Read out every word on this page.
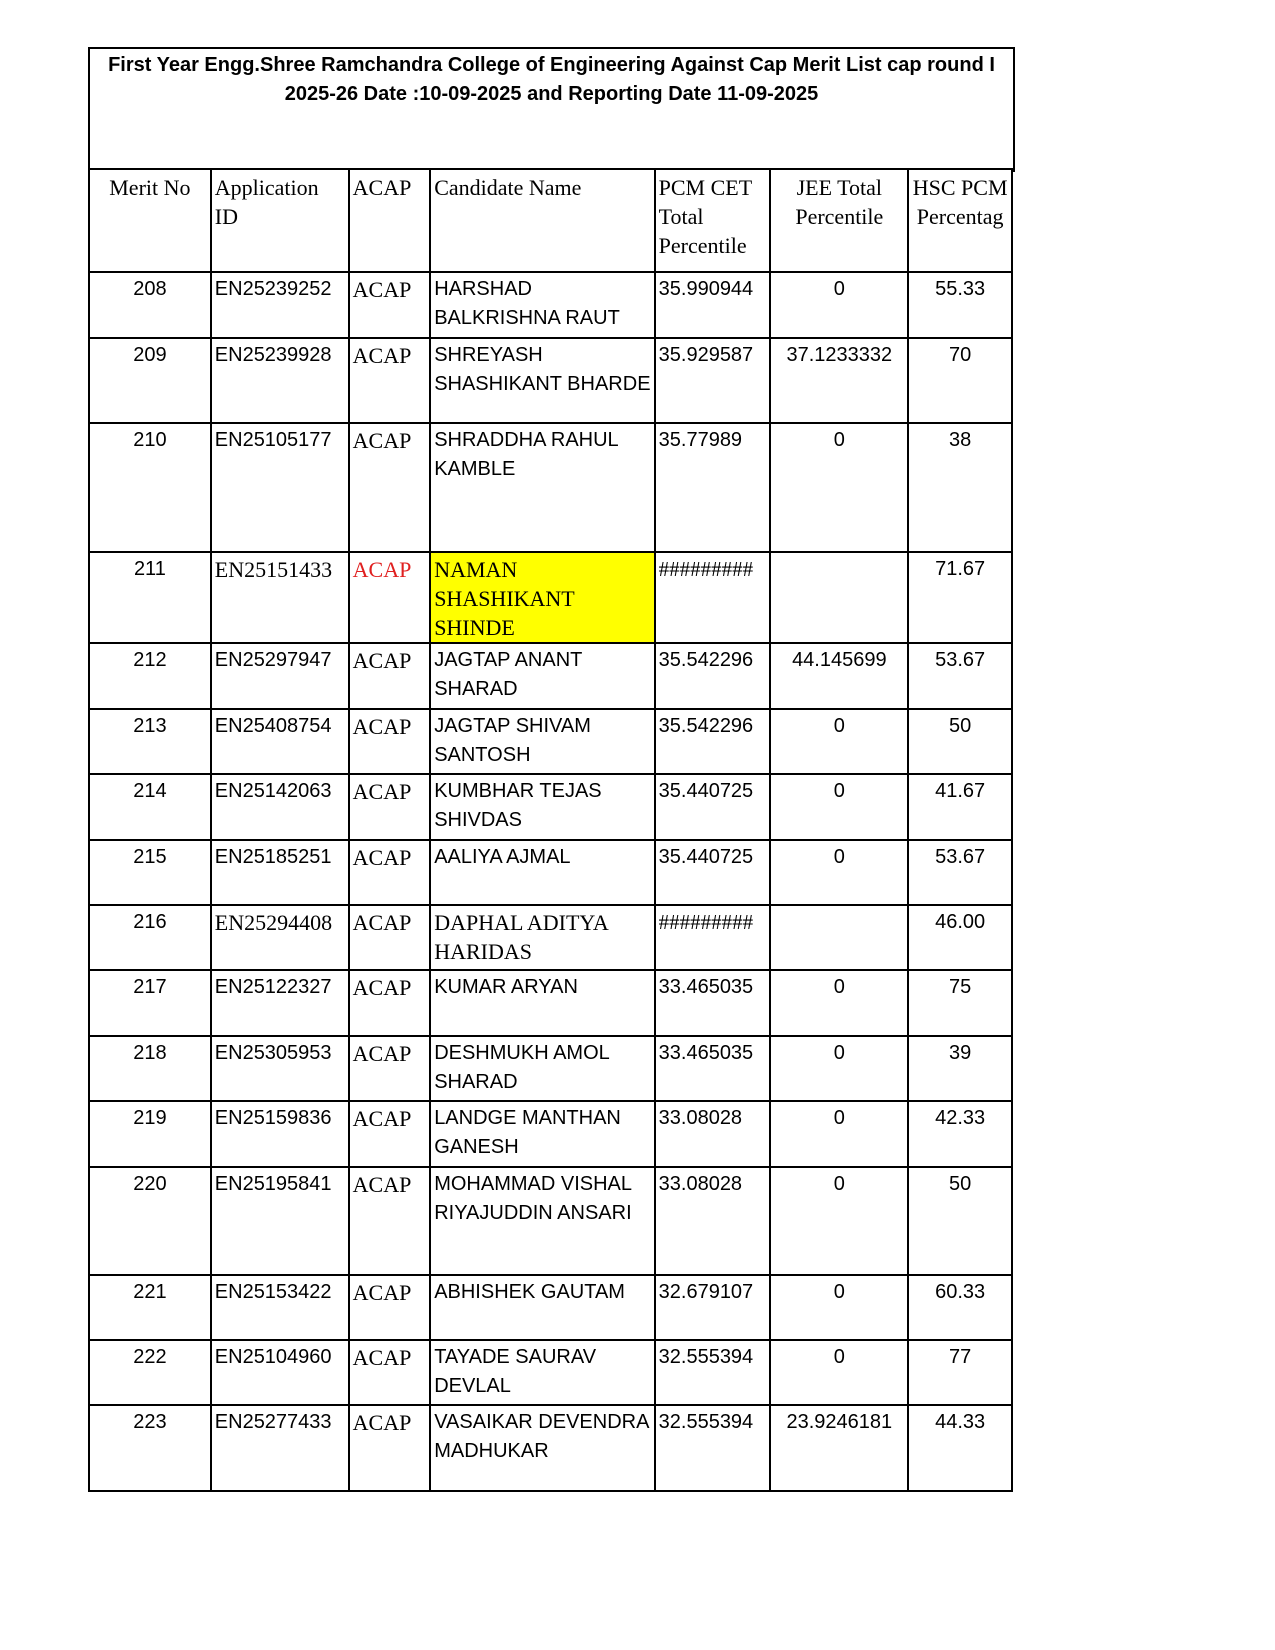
First Year Engg.Shree Ramchandra College of Engineering Against Cap Merit List cap round I
2025-26 Date :10-09-2025 and Reporting Date 11-09-2025
Merit No	Application ID	ACAP	Candidate Name	PCM CET Total Percentile	JEE Total Percentile	HSC PCM Percentag
208	EN25239252	ACAP	HARSHAD BALKRISHNA RAUT	35.990944	0	55.33
209	EN25239928	ACAP	SHREYASH SHASHIKANT BHARDE	35.929587	37.1233332	70
210	EN25105177	ACAP	SHRADDHA RAHUL KAMBLE	35.77989	0	38
211	EN25151433	ACAP	NAMAN SHASHIKANT SHINDE	#########		71.67
212	EN25297947	ACAP	JAGTAP ANANT SHARAD	35.542296	44.145699	53.67
213	EN25408754	ACAP	JAGTAP SHIVAM SANTOSH	35.542296	0	50
214	EN25142063	ACAP	KUMBHAR TEJAS SHIVDAS	35.440725	0	41.67
215	EN25185251	ACAP	AALIYA AJMAL	35.440725	0	53.67
216	EN25294408	ACAP	DAPHAL ADITYA HARIDAS	#########		46.00
217	EN25122327	ACAP	KUMAR ARYAN	33.465035	0	75
218	EN25305953	ACAP	DESHMUKH AMOL SHARAD	33.465035	0	39
219	EN25159836	ACAP	LANDGE MANTHAN GANESH	33.08028	0	42.33
220	EN25195841	ACAP	MOHAMMAD VISHAL RIYAJUDDIN ANSARI	33.08028	0	50
221	EN25153422	ACAP	ABHISHEK GAUTAM	32.679107	0	60.33
222	EN25104960	ACAP	TAYADE SAURAV DEVLAL	32.555394	0	77
223	EN25277433	ACAP	VASAIKAR DEVENDRA MADHUKAR	32.555394	23.9246181	44.33
